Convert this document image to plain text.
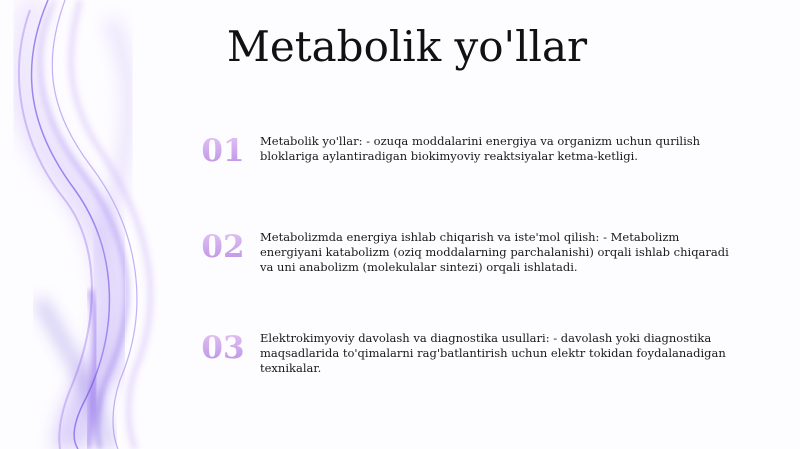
Metabolik yo'llar
01	Metabolik yo'llar: - ozuqa moddalarini energiya va organizm uchun qurilish bloklariga aylantiradigan biokimyoviy reaktsiyalar ketma-ketligi.
02	Metabolizmda energiya ishlab chiqarish va iste'mol qilish: - Metabolizm energiyani katabolizm (oziq moddalarning parchalanishi) orqali ishlab chiqaradi va uni anabolizm (molekulalar sintezi) orqali ishlatadi.
03	Elektrokimyoviy davolash va diagnostika usullari: - davolash yoki diagnostika maqsadlarida to'qimalarni rag'batlantirish uchun elektr tokidan foydalanadigan texnikalar.
